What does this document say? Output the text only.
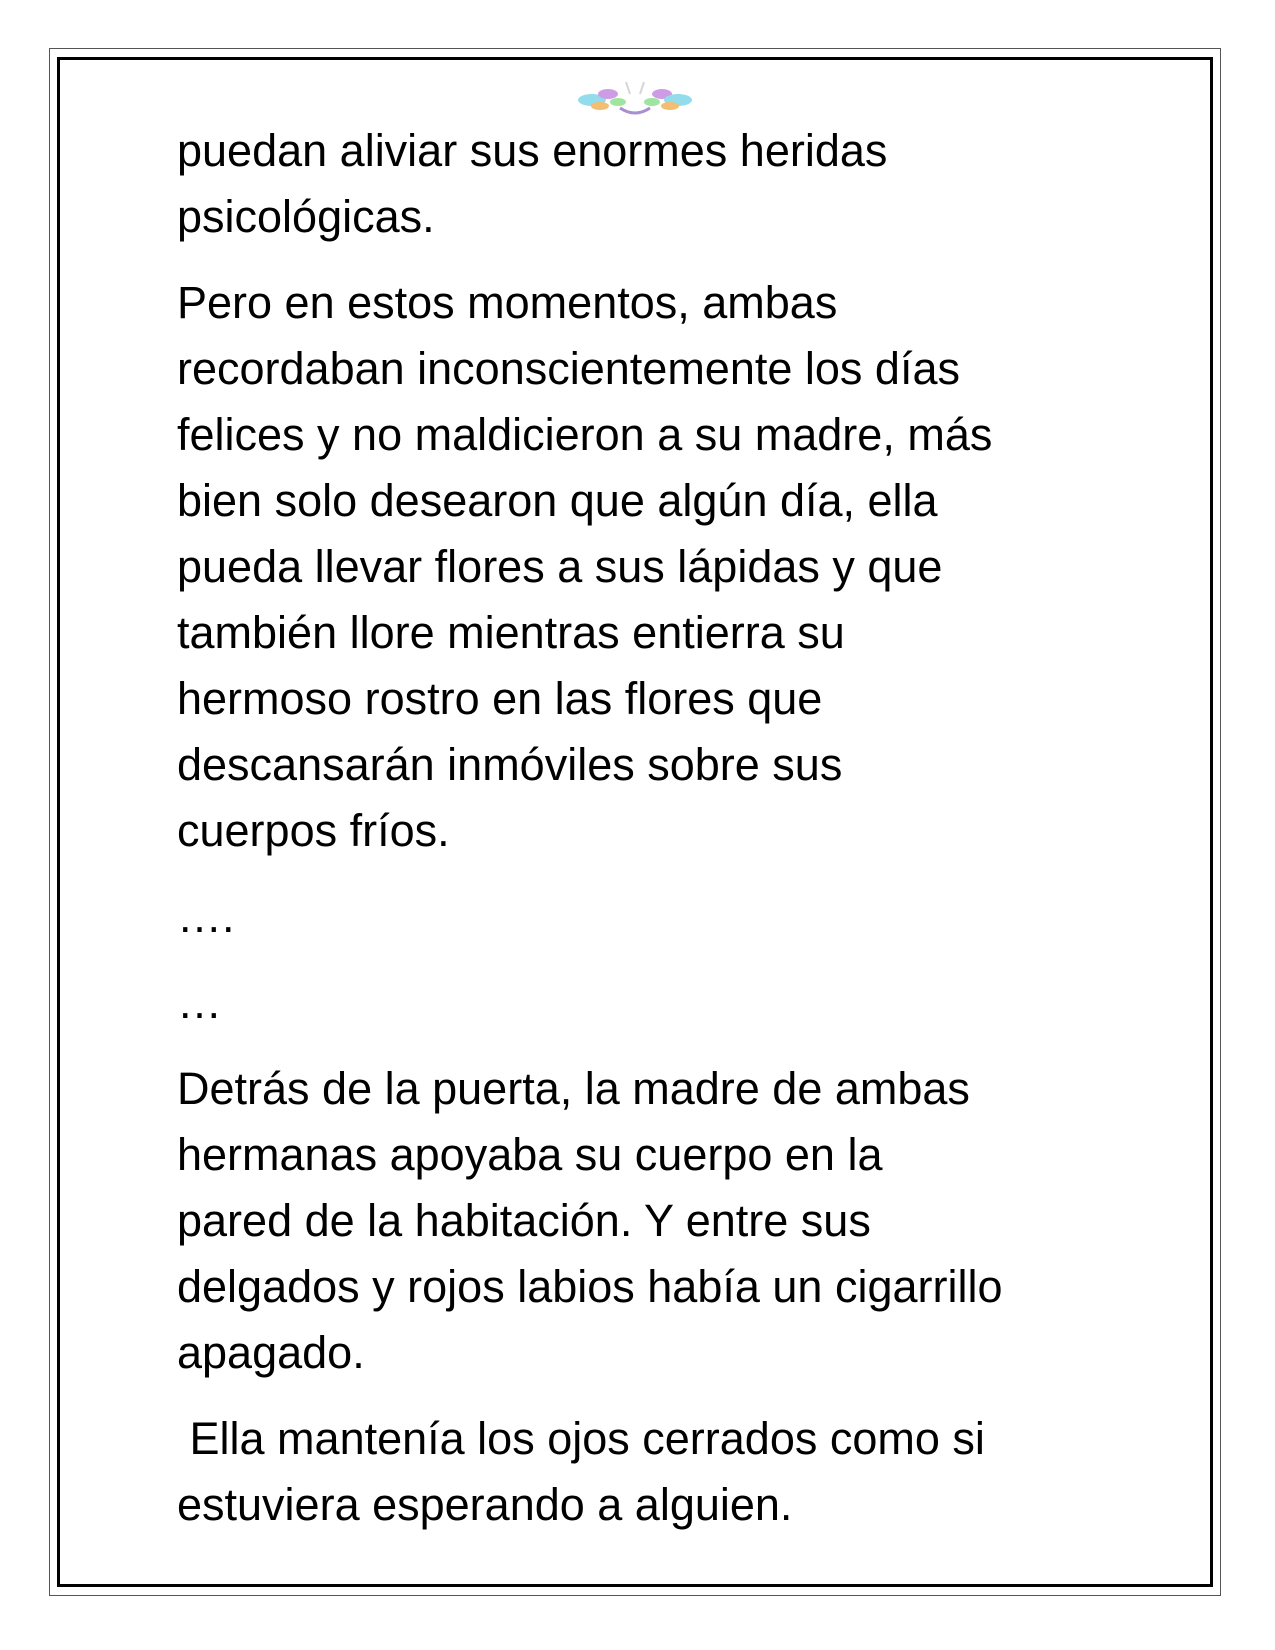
puedan aliviar sus enormes heridas
psicológicas.

Pero en estos momentos, ambas
recordaban inconscientemente los días
felices y no maldicieron a su madre, más
bien solo desearon que algún día, ella
pueda llevar flores a sus lápidas y que
también llore mientras entierra su
hermoso rostro en las flores que
descansarán inmóviles sobre sus
cuerpos fríos.

….

…

Detrás de la puerta, la madre de ambas
hermanas apoyaba su cuerpo en la
pared de la habitación. Y entre sus
delgados y rojos labios había un cigarrillo
apagado.

Ella mantenía los ojos cerrados como si
estuviera esperando a alguien.
